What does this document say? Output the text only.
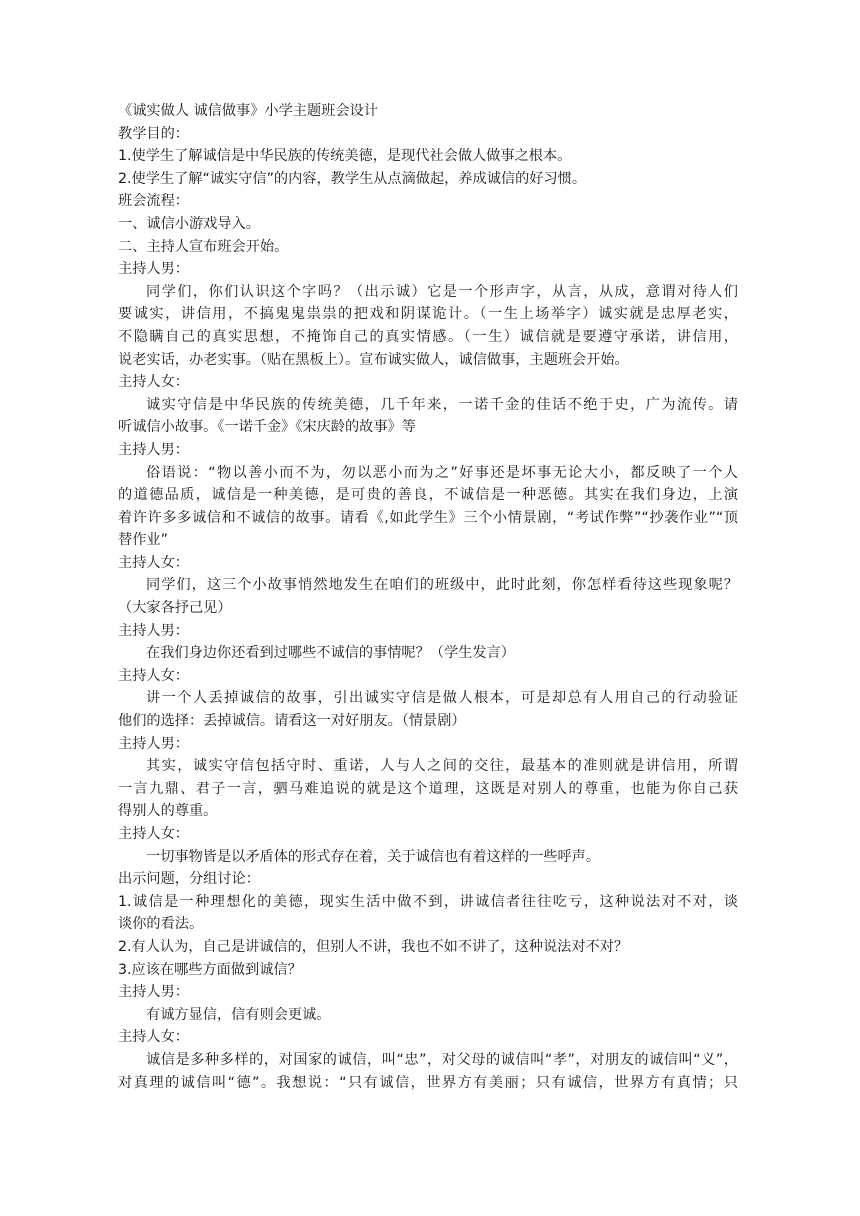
《诚实做人 诚信做事》小学主题班会设计

教学目的：

1.使学生了解诚信是中华民族的传统美德，是现代社会做人做事之根本。

2.使学生了解“诚实守信”的内容，教学生从点滴做起，养成诚信的好习惯。

班会流程：

一、诚信小游戏导入。

二、主持人宣布班会开始。

主持人男：

同学们，你们认识这个字吗？（出示诚）它是一个形声字，从言，从成，意谓对待人们

要诚实，讲信用，不搞鬼鬼祟祟的把戏和阴谋诡计。（一生上场举字）诚实就是忠厚老实，

不隐瞒自己的真实思想，不掩饰自己的真实情感。（一生）诚信就是要遵守承诺，讲信用，

说老实话，办老实事。（贴在黑板上）。宣布诚实做人，诚信做事，主题班会开始。

主持人女：

诚实守信是中华民族的传统美德，几千年来，一诺千金的佳话不绝于史，广为流传。请

听诚信小故事。《一诺千金》《宋庆龄的故事》等

主持人男：

俗语说：“物以善小而不为，勿以恶小而为之”好事还是坏事无论大小，都反映了一个人

的道德品质，诚信是一种美德，是可贵的善良，不诚信是一种恶德。其实在我们身边，上演

着许许多多诚信和不诚信的故事。请看《,如此学生》三个小情景剧，“考试作弊”“抄袭作业”“顶

替作业”

主持人女：

同学们，这三个小故事悄然地发生在咱们的班级中，此时此刻，你怎样看待这些现象呢？

（大家各抒己见）

主持人男：

在我们身边你还看到过哪些不诚信的事情呢？（学生发言）

主持人女：

讲一个人丢掉诚信的故事，引出诚实守信是做人根本，可是却总有人用自己的行动验证

他们的选择：丢掉诚信。请看这一对好朋友。（情景剧）

主持人男：

其实，诚实守信包括守时、重诺，人与人之间的交往，最基本的准则就是讲信用，所谓

一言九鼎、君子一言，驷马难追说的就是这个道理，这既是对别人的尊重，也能为你自己获

得别人的尊重。

主持人女：

一切事物皆是以矛盾体的形式存在着，关于诚信也有着这样的一些呼声。

出示问题，分组讨论：

1.诚信是一种理想化的美德，现实生活中做不到，讲诚信者往往吃亏，这种说法对不对，谈

谈你的看法。

2.有人认为，自己是讲诚信的，但别人不讲，我也不如不讲了，这种说法对不对？

3.应该在哪些方面做到诚信？

主持人男：

有诚方显信，信有则会更诚。

主持人女：

诚信是多种多样的，对国家的诚信，叫“忠”，对父母的诚信叫“孝”，对朋友的诚信叫“义”，

对真理的诚信叫“德”。我想说：“只有诚信，世界方有美丽；只有诚信，世界方有真情；只
